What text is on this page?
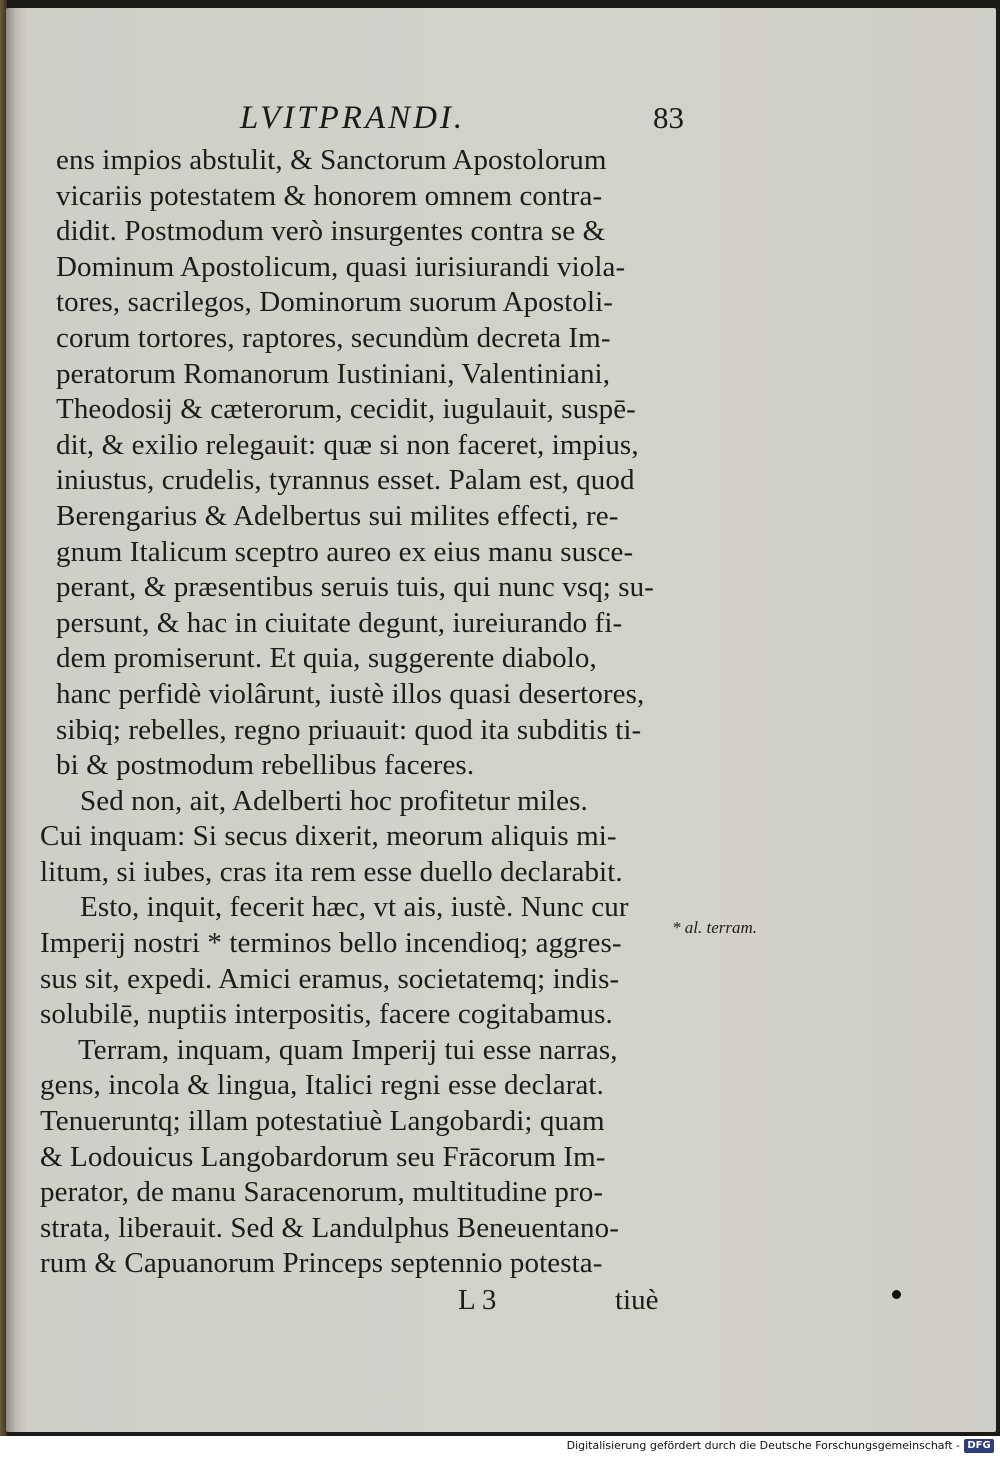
LVITPRANDI.	83
ens impios abstulit, & Sanctorum Apostolorum
vicariis potestatem & honorem omnem contra-
didit. Postmodum verò insurgentes contra se &
Dominum Apostolicum, quasi iurisiurandi viola-
tores, sacrilegos, Dominorum suorum Apostoli-
corum tortores, raptores, secundùm decreta Im-
peratorum Romanorum Iustiniani, Valentiniani,
Theodosij & cæterorum, cecidit, iugulauit, suspē-
dit, & exilio relegauit: quæ si non faceret, impius,
iniustus, crudelis, tyrannus esset. Palam est, quod
Berengarius & Adelbertus sui milites effecti, re-
gnum Italicum sceptro aureo ex eius manu susce-
perant, & præsentibus seruis tuis, qui nunc vsq; su-
persunt, & hac in ciuitate degunt, iureiurando fi-
dem promiserunt. Et quia, suggerente diabolo,
hanc perfidè violârunt, iustè illos quasi desertores,
sibiq; rebelles, regno priuauit: quod ita subditis ti-
bi & postmodum rebellibus faceres.
Sed non, ait, Adelberti hoc profitetur miles.
Cui inquam: Si secus dixerit, meorum aliquis mi-
litum, si iubes, cras ita rem esse duello declarabit.
Esto, inquit, fecerit hæc, vt ais, iustè. Nunc cur
Imperij nostri * terminos bello incendioq; aggres-
sus sit, expedi. Amici eramus, societatemq; indis-
solubilē, nuptiis interpositis, facere cogitabamus.
Terram, inquam, quam Imperij tui esse narras,
gens, incola & lingua, Italici regni esse declarat.
Tenueruntq; illam potestatiuè Langobardi; quam
& Lodouicus Langobardorum seu Frācorum Im-
perator, de manu Saracenorum, multitudine pro-
strata, liberauit. Sed & Landulphus Beneuentano-
rum & Capuanorum Princeps septennio potesta-
L 3	tiuè
* al. terram.
Digitalisierung gefördert durch die Deutsche Forschungsgemeinschaft - DFG
